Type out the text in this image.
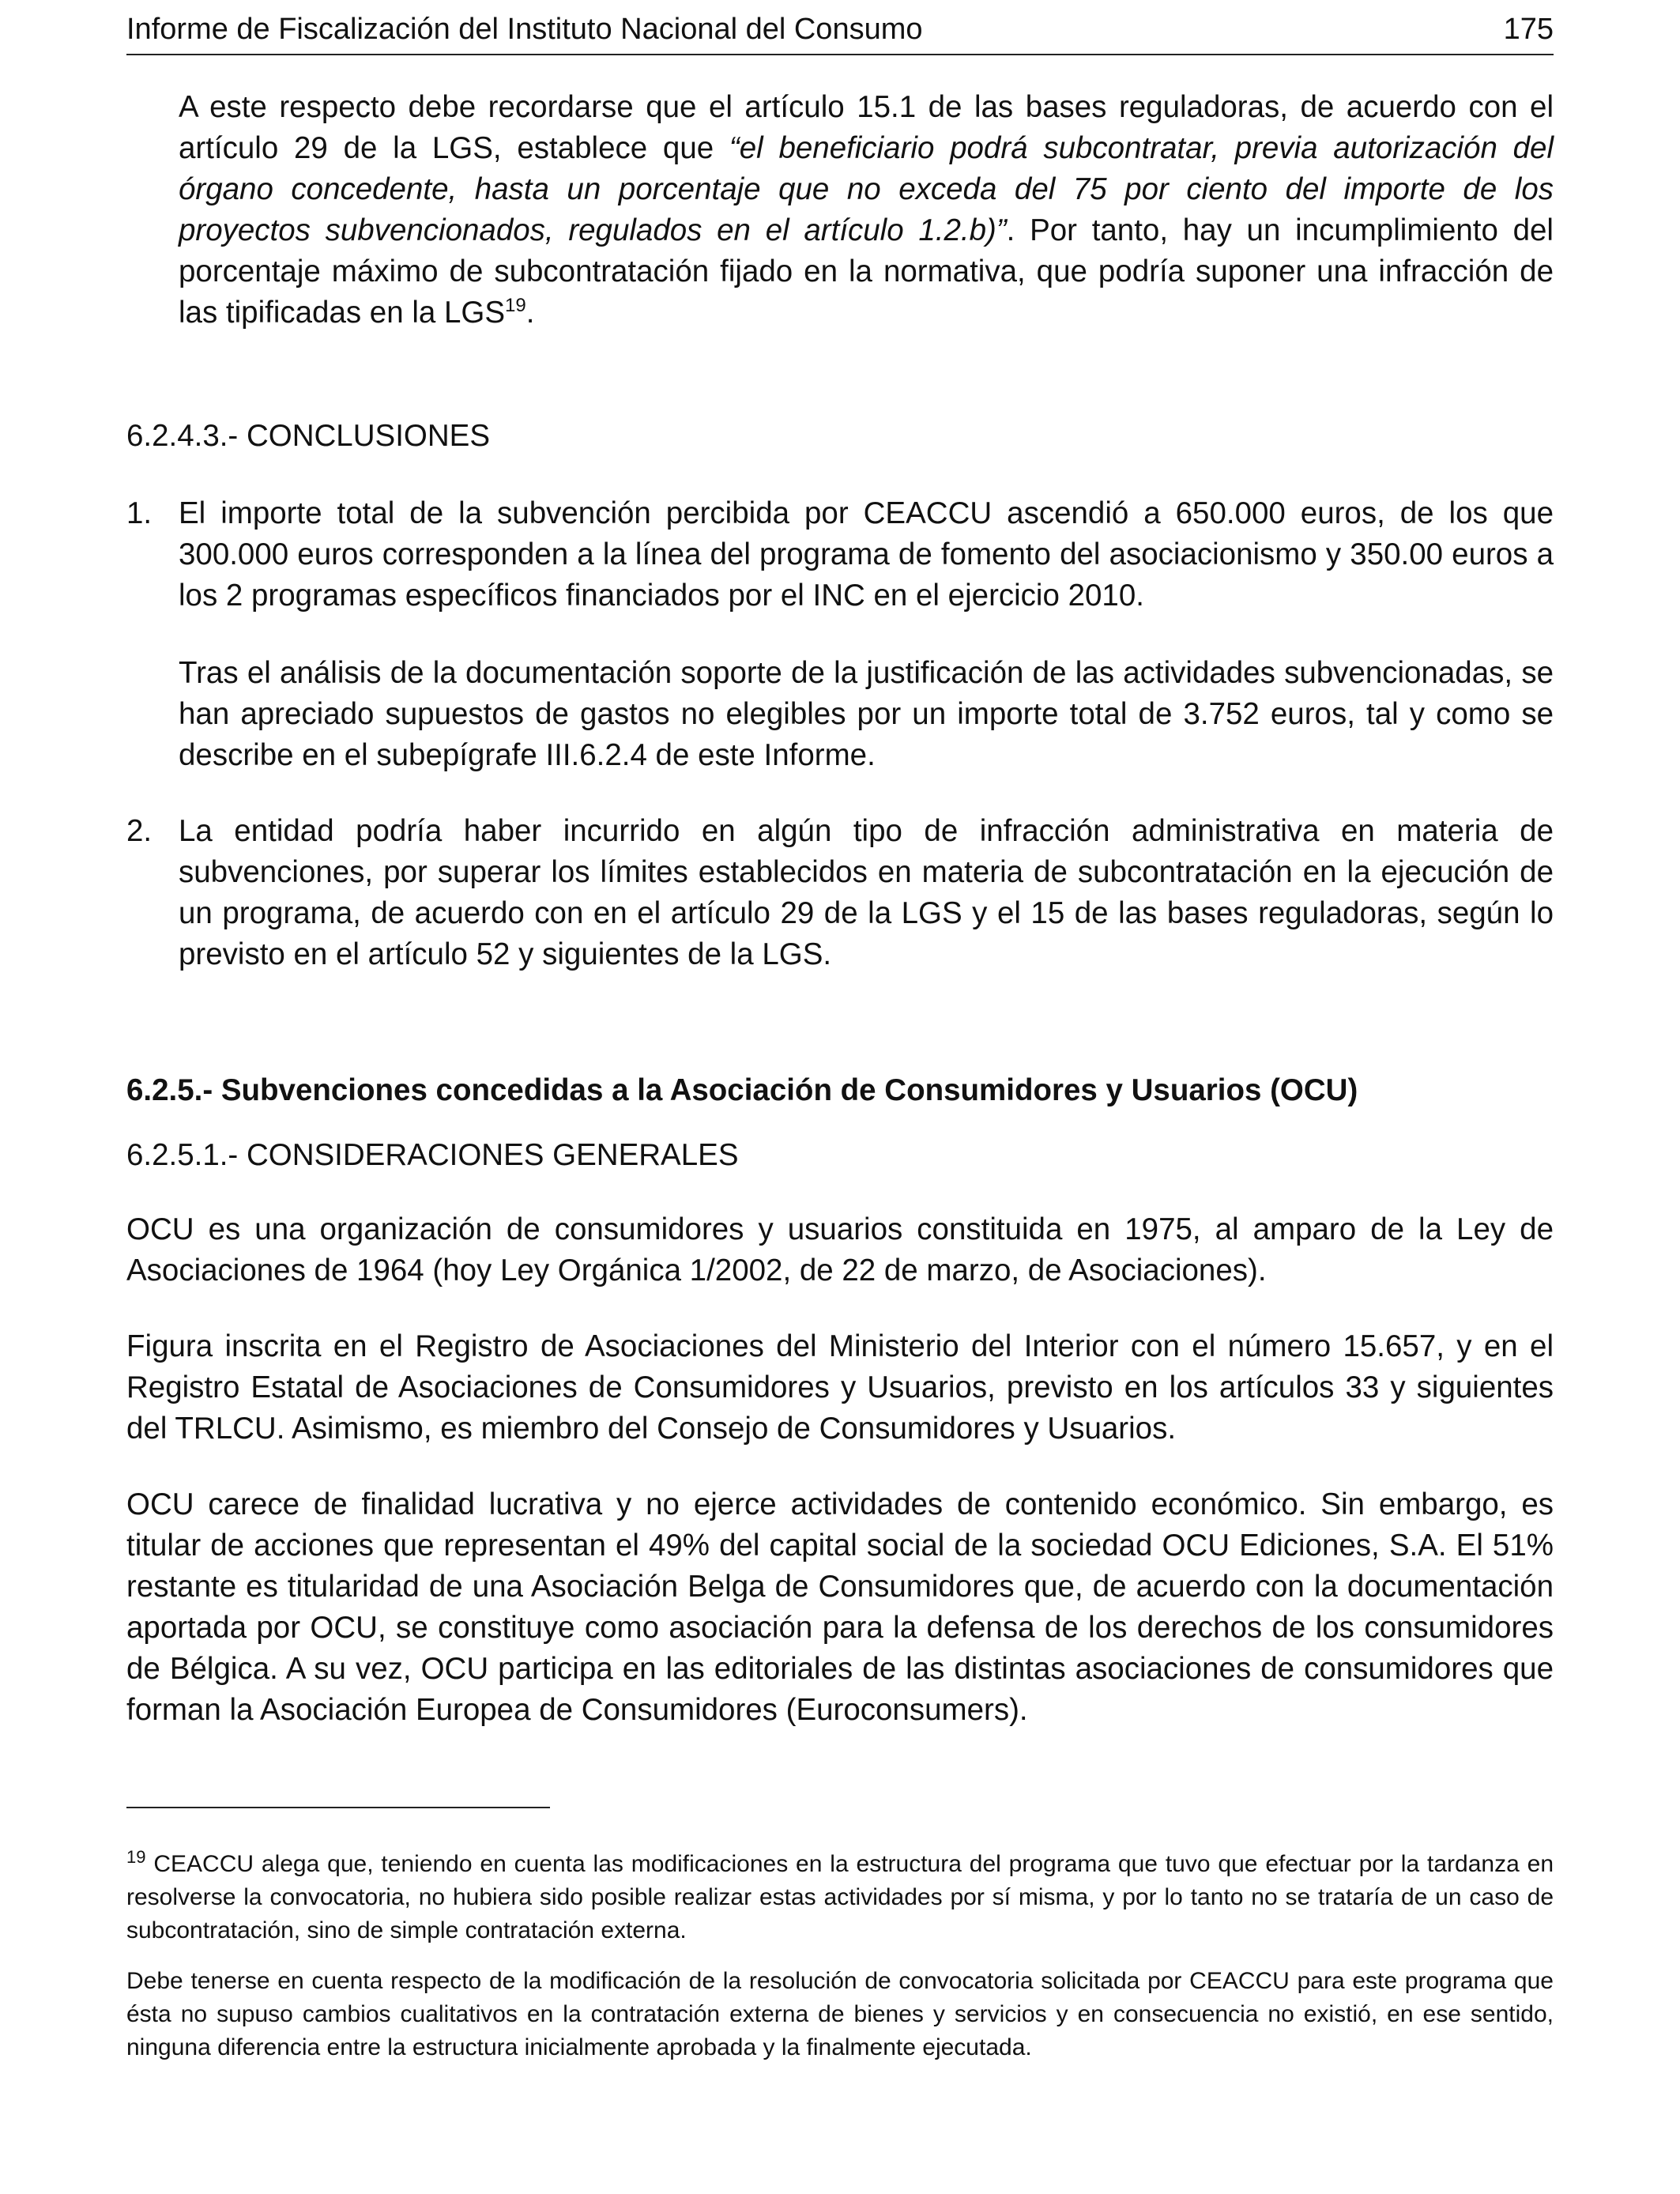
Informe de Fiscalización del Instituto Nacional del Consumo	175

A este respecto debe recordarse que el artículo 15.1 de las bases reguladoras, de acuerdo con el artículo 29 de la LGS, establece que “el beneficiario podrá subcontratar, previa autorización del órgano concedente, hasta un porcentaje que no exceda del 75 por ciento del importe de los proyectos subvencionados, regulados en el artículo 1.2.b)”. Por tanto, hay un incumplimiento del porcentaje máximo de subcontratación fijado en la normativa, que podría suponer una infracción de las tipificadas en la LGS$^{19}$.

6.2.4.3.- CONCLUSIONES

1. El importe total de la subvención percibida por CEACCU ascendió a 650.000 euros, de los que 300.000 euros corresponden a la línea del programa de fomento del asociacionismo y 350.00 euros a los 2 programas específicos financiados por el INC en el ejercicio 2010.

Tras el análisis de la documentación soporte de la justificación de las actividades subvencionadas, se han apreciado supuestos de gastos no elegibles por un importe total de 3.752 euros, tal y como se describe en el subepígrafe III.6.2.4 de este Informe.

2. La entidad podría haber incurrido en algún tipo de infracción administrativa en materia de subvenciones, por superar los límites establecidos en materia de subcontratación en la ejecución de un programa, de acuerdo con en el artículo 29 de la LGS y el 15 de las bases reguladoras, según lo previsto en el artículo 52 y siguientes de la LGS.

6.2.5.- Subvenciones concedidas a la Asociación de Consumidores y Usuarios (OCU)

6.2.5.1.- CONSIDERACIONES GENERALES

OCU es una organización de consumidores y usuarios constituida en 1975, al amparo de la Ley de Asociaciones de 1964 (hoy Ley Orgánica 1/2002, de 22 de marzo, de Asociaciones).

Figura inscrita en el Registro de Asociaciones del Ministerio del Interior con el número 15.657, y en el Registro Estatal de Asociaciones de Consumidores y Usuarios, previsto en los artículos 33 y siguientes del TRLCU. Asimismo, es miembro del Consejo de Consumidores y Usuarios.

OCU carece de finalidad lucrativa y no ejerce actividades de contenido económico. Sin embargo, es titular de acciones que representan el 49% del capital social de la sociedad OCU Ediciones, S.A. El 51% restante es titularidad de una Asociación Belga de Consumidores que, de acuerdo con la documentación aportada por OCU, se constituye como asociación para la defensa de los derechos de los consumidores de Bélgica. A su vez, OCU participa en las editoriales de las distintas asociaciones de consumidores que forman la Asociación Europea de Consumidores (Euroconsumers).

$^{19}$ CEACCU alega que, teniendo en cuenta las modificaciones en la estructura del programa que tuvo que efectuar por la tardanza en resolverse la convocatoria, no hubiera sido posible realizar estas actividades por sí misma, y por lo tanto no se trataría de un caso de subcontratación, sino de simple contratación externa.

Debe tenerse en cuenta respecto de la modificación de la resolución de convocatoria solicitada por CEACCU para este programa que ésta no supuso cambios cualitativos en la contratación externa de bienes y servicios y en consecuencia no existió, en ese sentido, ninguna diferencia entre la estructura inicialmente aprobada y la finalmente ejecutada.
